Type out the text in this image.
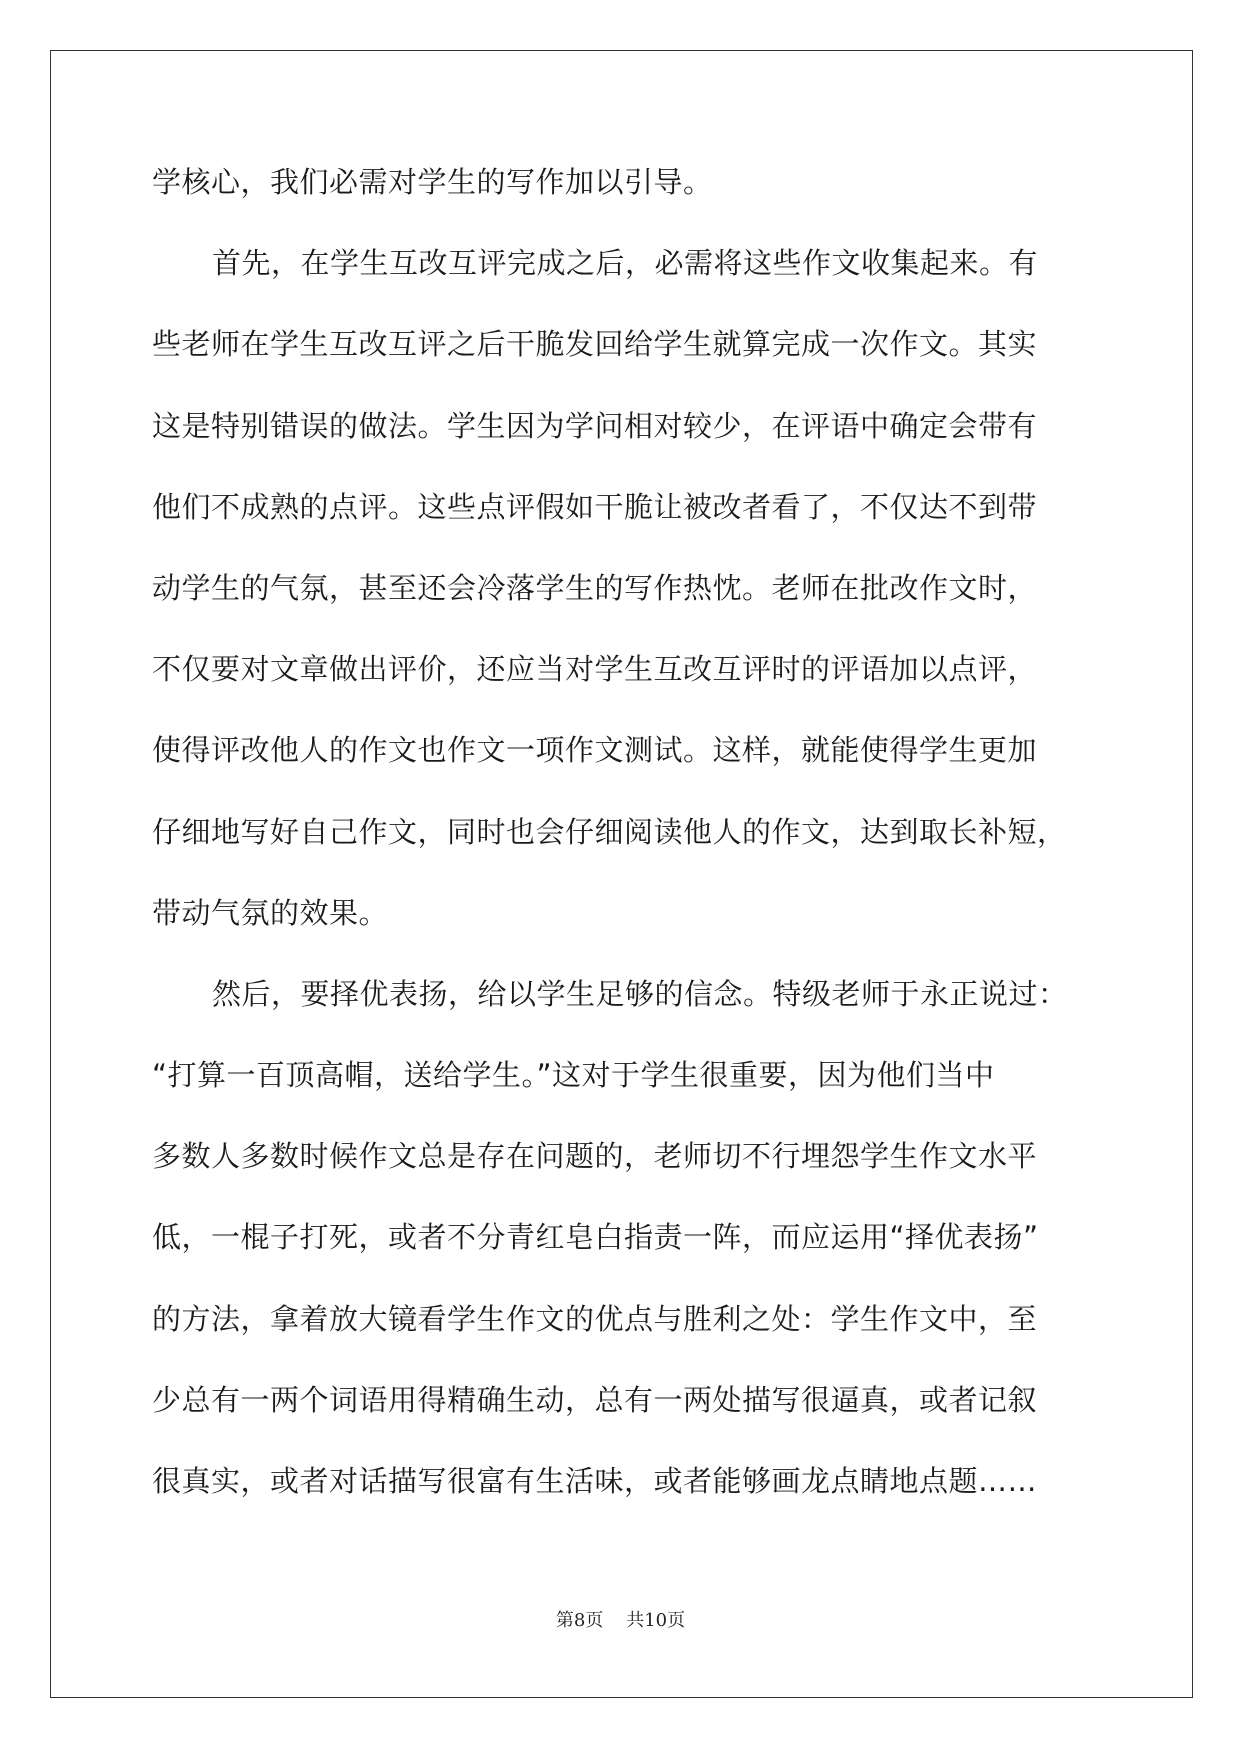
学核心，我们必需对学生的写作加以引导。
首先，在学生互改互评完成之后，必需将这些作文收集起来。有
些老师在学生互改互评之后干脆发回给学生就算完成一次作文。其实
这是特别错误的做法。学生因为学问相对较少，在评语中确定会带有
他们不成熟的点评。这些点评假如干脆让被改者看了，不仅达不到带
动学生的气氛，甚至还会冷落学生的写作热忱。老师在批改作文时，
不仅要对文章做出评价，还应当对学生互改互评时的评语加以点评，
使得评改他人的作文也作文一项作文测试。这样，就能使得学生更加
仔细地写好自己作文，同时也会仔细阅读他人的作文，达到取长补短，
带动气氛的效果。
然后，要择优表扬，给以学生足够的信念。特级老师于永正说过：
“打算一百顶高帽，送给学生。”这对于学生很重要，因为他们当中
多数人多数时候作文总是存在问题的，老师切不行埋怨学生作文水平
低，一棍子打死，或者不分青红皂白指责一阵，而应运用“择优表扬”
的方法，拿着放大镜看学生作文的优点与胜利之处：学生作文中，至
少总有一两个词语用得精确生动，总有一两处描写很逼真，或者记叙
很真实，或者对话描写很富有生活味，或者能够画龙点睛地点题……
第8页 共10页
